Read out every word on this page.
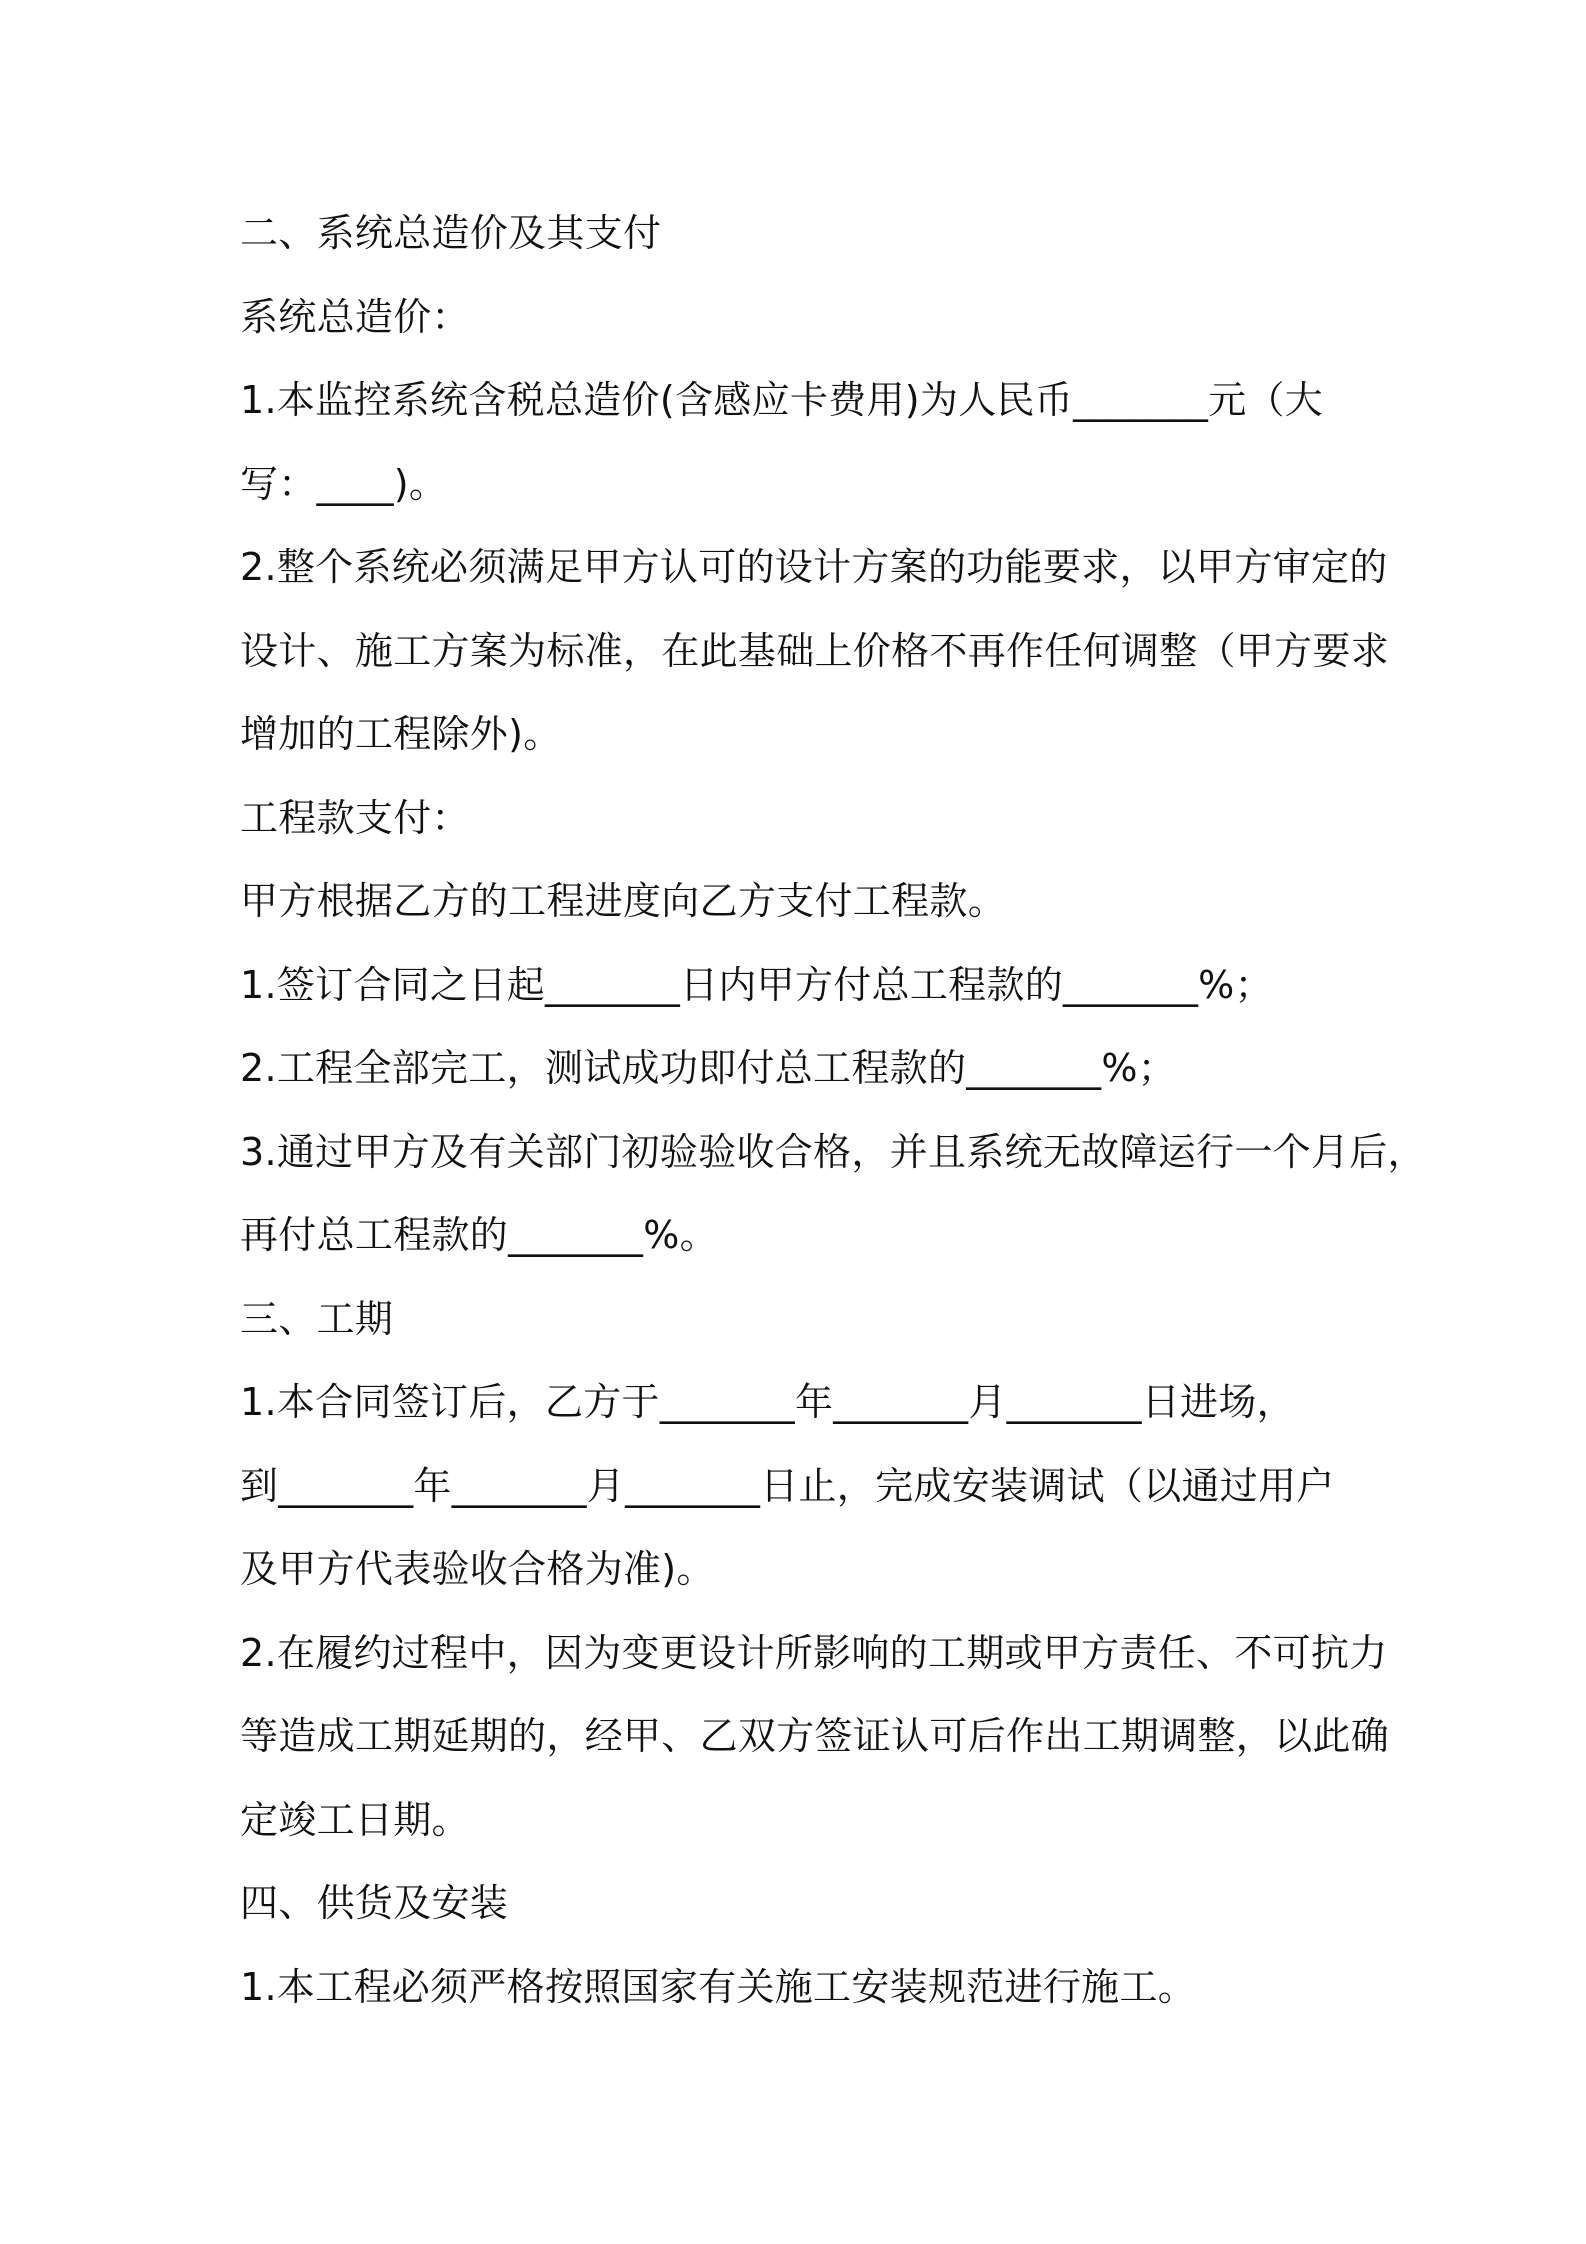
二、系统总造价及其支付
系统总造价：
1.本监控系统含税总造价(含感应卡费用)为人民币_______元（大
写：____)。
2.整个系统必须满足甲方认可的设计方案的功能要求，以甲方审定的
设计、施工方案为标准，在此基础上价格不再作任何调整（甲方要求
增加的工程除外)。
工程款支付：
甲方根据乙方的工程进度向乙方支付工程款。
1.签订合同之日起_______日内甲方付总工程款的_______%；
2.工程全部完工，测试成功即付总工程款的_______%；
3.通过甲方及有关部门初验验收合格，并且系统无故障运行一个月后，
再付总工程款的_______%。
三、工期
1.本合同签订后，乙方于_______年_______月_______日进场，
到_______年_______月_______日止，完成安装调试（以通过用户
及甲方代表验收合格为准)。
2.在履约过程中，因为变更设计所影响的工期或甲方责任、不可抗力
等造成工期延期的，经甲、乙双方签证认可后作出工期调整，以此确
定竣工日期。
四、供货及安装
1.本工程必须严格按照国家有关施工安装规范进行施工。
